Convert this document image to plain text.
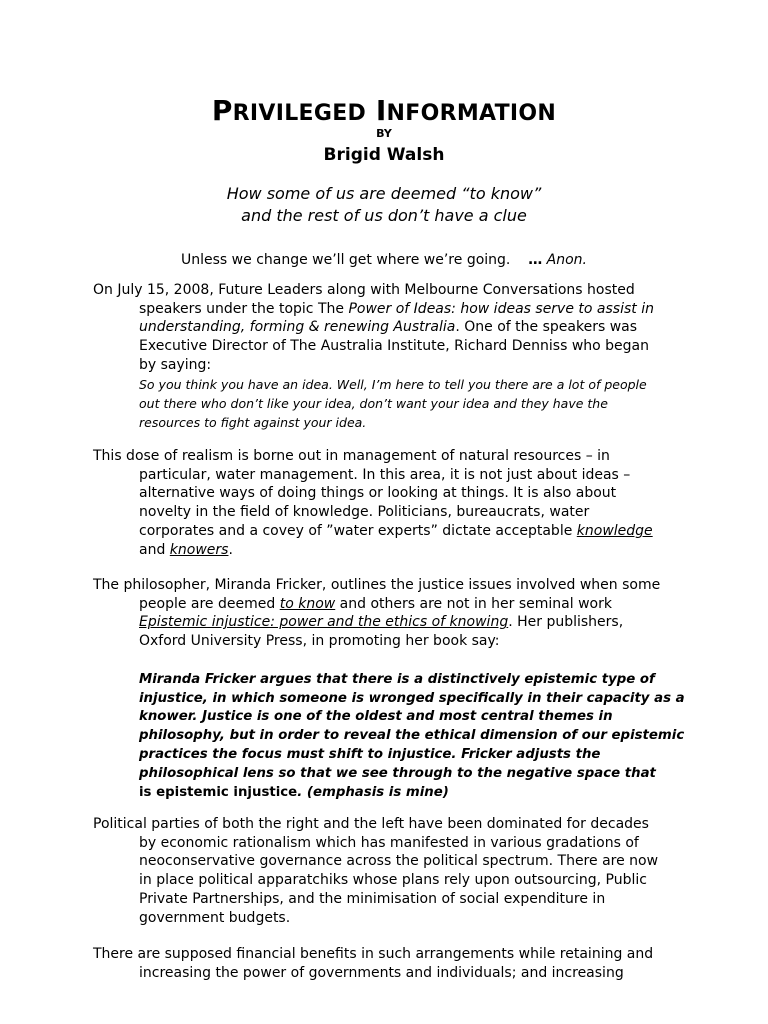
PRIVILEGED INFORMATION
BY
Brigid Walsh
How some of us are deemed “to know”
and the rest of us don’t have a clue
Unless we change we’ll get where we’re going. … Anon.
On July 15, 2008, Future Leaders along with Melbourne Conversations hosted
speakers under the topic The Power of Ideas: how ideas serve to assist in
understanding, forming & renewing Australia. One of the speakers was
Executive Director of The Australia Institute, Richard Denniss who began
by saying:
So you think you have an idea. Well, I’m here to tell you there are a lot of people
out there who don’t like your idea, don’t want your idea and they have the
resources to fight against your idea.
This dose of realism is borne out in management of natural resources – in
particular, water management. In this area, it is not just about ideas –
alternative ways of doing things or looking at things. It is also about
novelty in the field of knowledge. Politicians, bureaucrats, water
corporates and a covey of ”water experts” dictate acceptable knowledge
and knowers.
The philosopher, Miranda Fricker, outlines the justice issues involved when some
people are deemed to know and others are not in her seminal work
Epistemic injustice: power and the ethics of knowing. Her publishers,
Oxford University Press, in promoting her book say:
Miranda Fricker argues that there is a distinctively epistemic type of
injustice, in which someone is wronged specifically in their capacity as a
knower. Justice is one of the oldest and most central themes in
philosophy, but in order to reveal the ethical dimension of our epistemic
practices the focus must shift to injustice. Fricker adjusts the
philosophical lens so that we see through to the negative space that
is epistemic injustice. (emphasis is mine)
Political parties of both the right and the left have been dominated for decades
by economic rationalism which has manifested in various gradations of
neoconservative governance across the political spectrum. There are now
in place political apparatchiks whose plans rely upon outsourcing, Public
Private Partnerships, and the minimisation of social expenditure in
government budgets.
There are supposed financial benefits in such arrangements while retaining and
increasing the power of governments and individuals; and increasing
